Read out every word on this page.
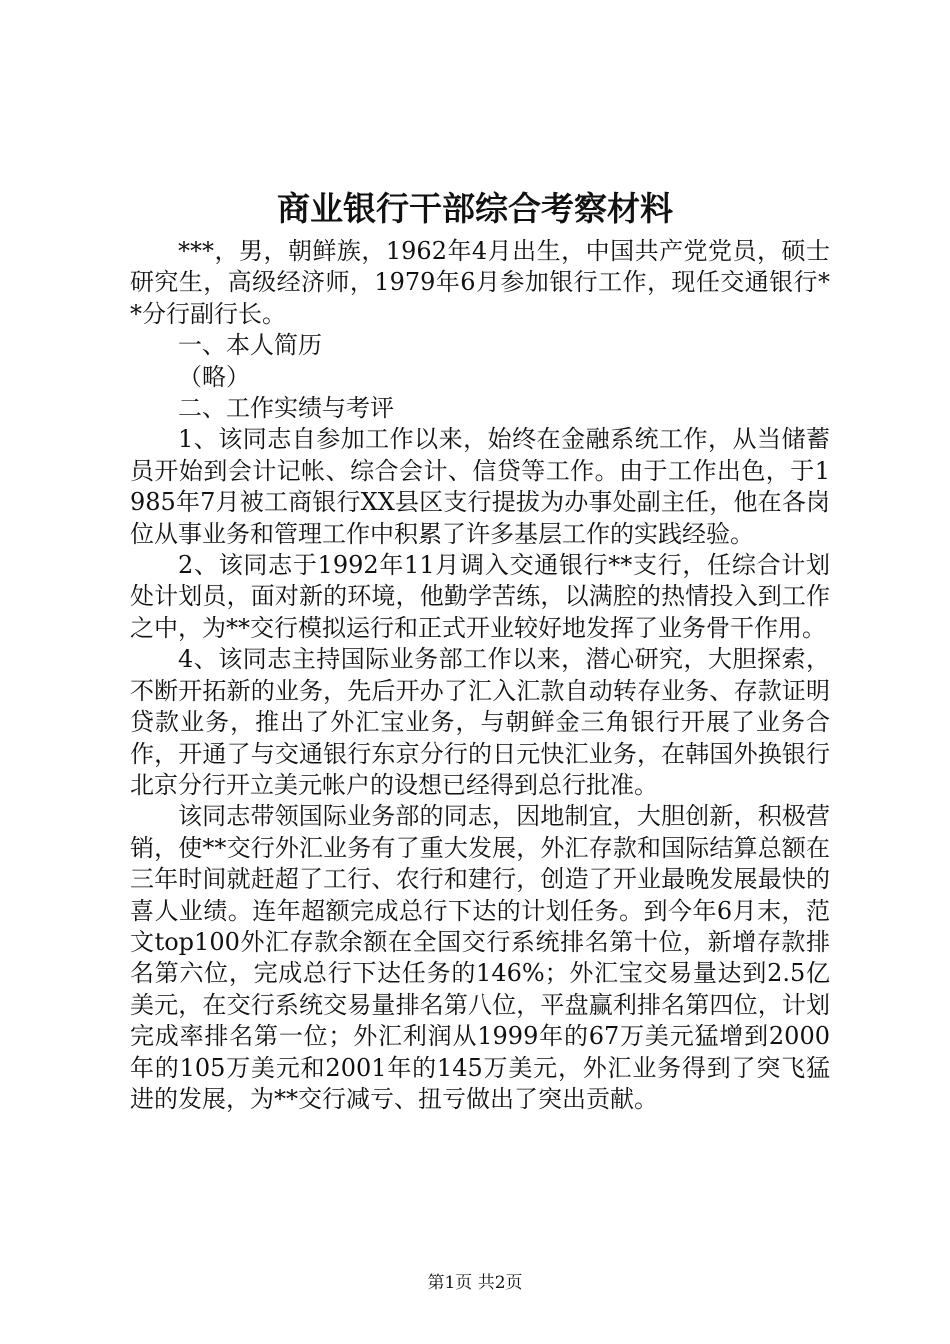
商业银行干部综合考察材料

***，男，朝鲜族，1962年4月出生，中国共产党党员，硕士研究生，高级经济师，1979年6月参加银行工作，现任交通银行**分行副行长。

一、本人简历

（略）

二、工作实绩与考评

1、该同志自参加工作以来，始终在金融系统工作，从当储蓄员开始到会计记帐、综合会计、信贷等工作。由于工作出色，于1985年7月被工商银行XX县区支行提拔为办事处副主任，他在各岗位从事业务和管理工作中积累了许多基层工作的实践经验。

2、该同志于1992年11月调入交通银行**支行，任综合计划处计划员，面对新的环境，他勤学苦练，以满腔的热情投入到工作之中，为**交行模拟运行和正式开业较好地发挥了业务骨干作用。

4、该同志主持国际业务部工作以来，潜心研究，大胆探索，不断开拓新的业务，先后开办了汇入汇款自动转存业务、存款证明贷款业务，推出了外汇宝业务，与朝鲜金三角银行开展了业务合作，开通了与交通银行东京分行的日元快汇业务，在韩国外换银行北京分行开立美元帐户的设想已经得到总行批准。

该同志带领国际业务部的同志，因地制宜，大胆创新，积极营销，使**交行外汇业务有了重大发展，外汇存款和国际结算总额在三年时间就赶超了工行、农行和建行，创造了开业最晚发展最快的喜人业绩。连年超额完成总行下达的计划任务。到今年6月末，范文top100外汇存款余额在全国交行系统排名第十位，新增存款排名第六位，完成总行下达任务的146%；外汇宝交易量达到2.5亿美元，在交行系统交易量排名第八位，平盘赢利排名第四位，计划完成率排名第一位；外汇利润从1999年的67万美元猛增到2000年的105万美元和2001年的145万美元，外汇业务得到了突飞猛进的发展，为**交行减亏、扭亏做出了突出贡献。

第1页 共2页
